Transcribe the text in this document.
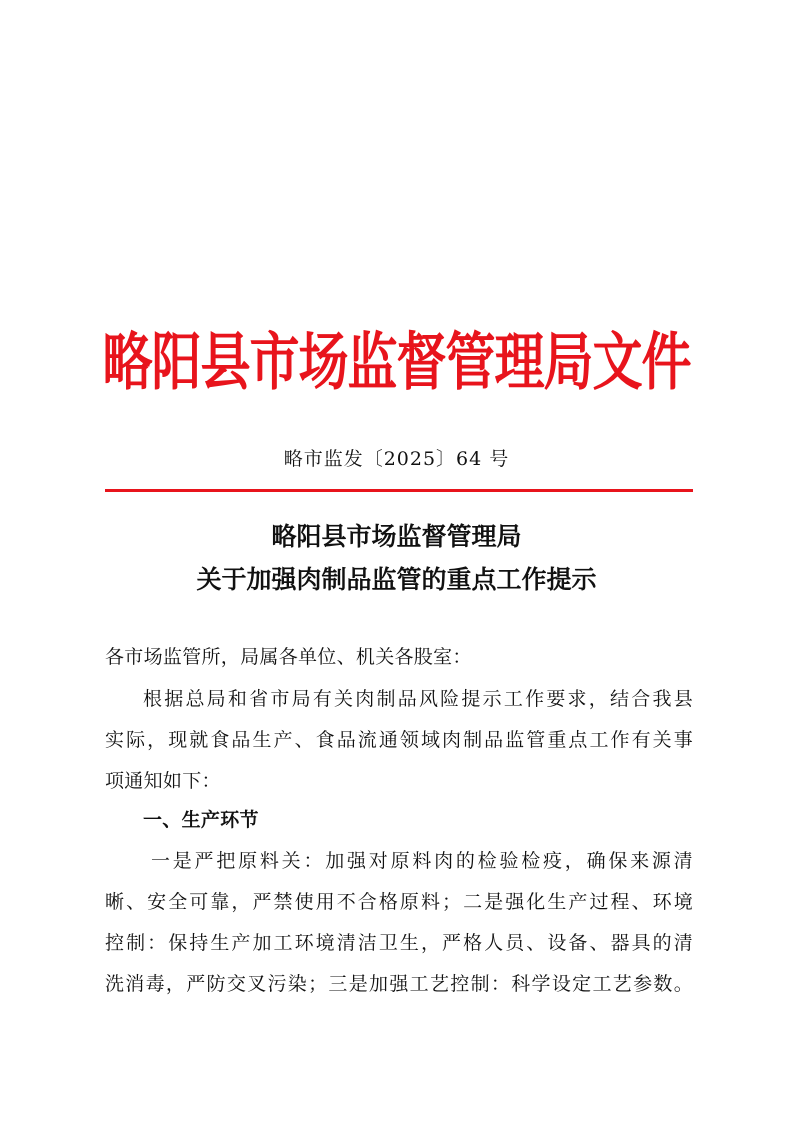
略阳县市场监督管理局文件
略市监发〔2025〕64 号
略阳县市场监督管理局
关于加强肉制品监管的重点工作提示
各市场监管所，局属各单位、机关各股室：
根据总局和省市局有关肉制品风险提示工作要求，结合我县
实际，现就食品生产、食品流通领域肉制品监管重点工作有关事
项通知如下：
一、生产环节
一是严把原料关：加强对原料肉的检验检疫，确保来源清
晰、安全可靠，严禁使用不合格原料；二是强化生产过程、环境
控制：保持生产加工环境清洁卫生，严格人员、设备、器具的清
洗消毒，严防交叉污染；三是加强工艺控制：科学设定工艺参数。
